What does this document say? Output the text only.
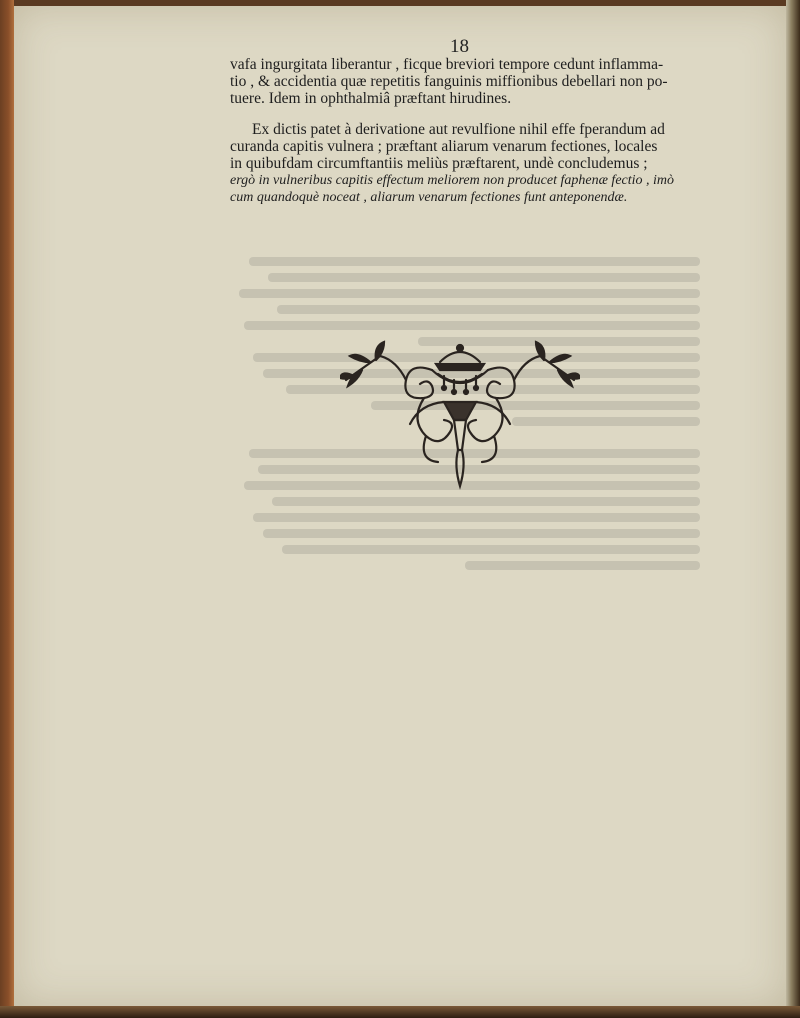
18

vafa ingurgitata liberantur , ficque breviori tempore cedunt inflamma-
tio , & accidentia quæ repetitis fanguinis miffionibus debellari non po-
tuere. Idem in ophthalmiâ præftant hirudines.

Ex dictis patet à derivatione aut revulfione nihil effe fperandum ad
curanda capitis vulnera ; præftant aliarum venarum fectiones, locales
in quibufdam circumftantiis meliùs præftarent, undè concludemus ;
ergò in vulneribus capitis effectum meliorem non producet faphenæ fectio , imò
cum quandoquè noceat , aliarum venarum fectiones funt anteponendæ.
